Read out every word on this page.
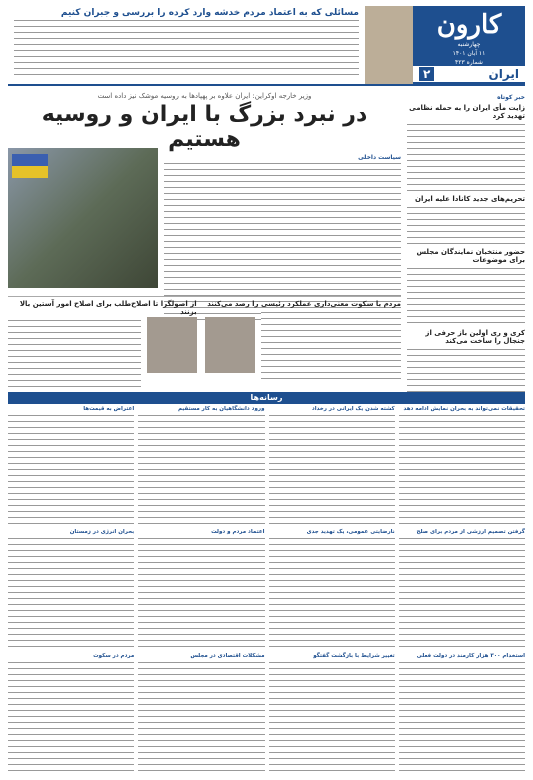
کارون
چهارشنبه
۱۱ آبان ۱۴۰۱
شماره ۴۲۳
ایران
۲
مسائلی که به اعتماد مردم خدشه وارد کرده را بررسی و جبران کنیم
خبر کوتاه
زایت مأی ایران را به حمله نظامی تهدید کرد
تحریم‌های جدید کانادا علیه ایران
حضور منتخبان نمایندگان مجلس برای موضوعات
کری و ری اولین باز حرفی از جنجال را ساخت می‌کند
وزیر خارجه اوکراین: ایران علاوه بر پهپادها به روسیه موشک نیز داده است
در نبرد بزرگ با ایران و روسیه هستیم
سیاست داخلی
مردم با سکوت معنی‌داری عملکرد رئیسی را رصد می‌کنند
از اصولگرا تا اصلاح‌طلب برای اصلاح امور آستین بالا بزنند
رسانه‌ها
تحقیقات نمی‌تواند به بحران نمایش ادامه دهد
گرفتن تصمیم ارزشی از مردم برای صلح
استخدام ۳۰۰ هزار کارمند در دولت فعلی
کشته شدن یک ایرانی در رخداد
نارضایتی عمومی، یک تهدید جدی
تغییر شرایط با بازگشت گفتگو
ورود دانشگاهیان به کار مستقیم
اعتماد مردم و دولت
مشکلات اقتصادی در مجلس
اعتراض به قیمت‌ها
بحران انرژی در زمستان
مردم در سکوت
